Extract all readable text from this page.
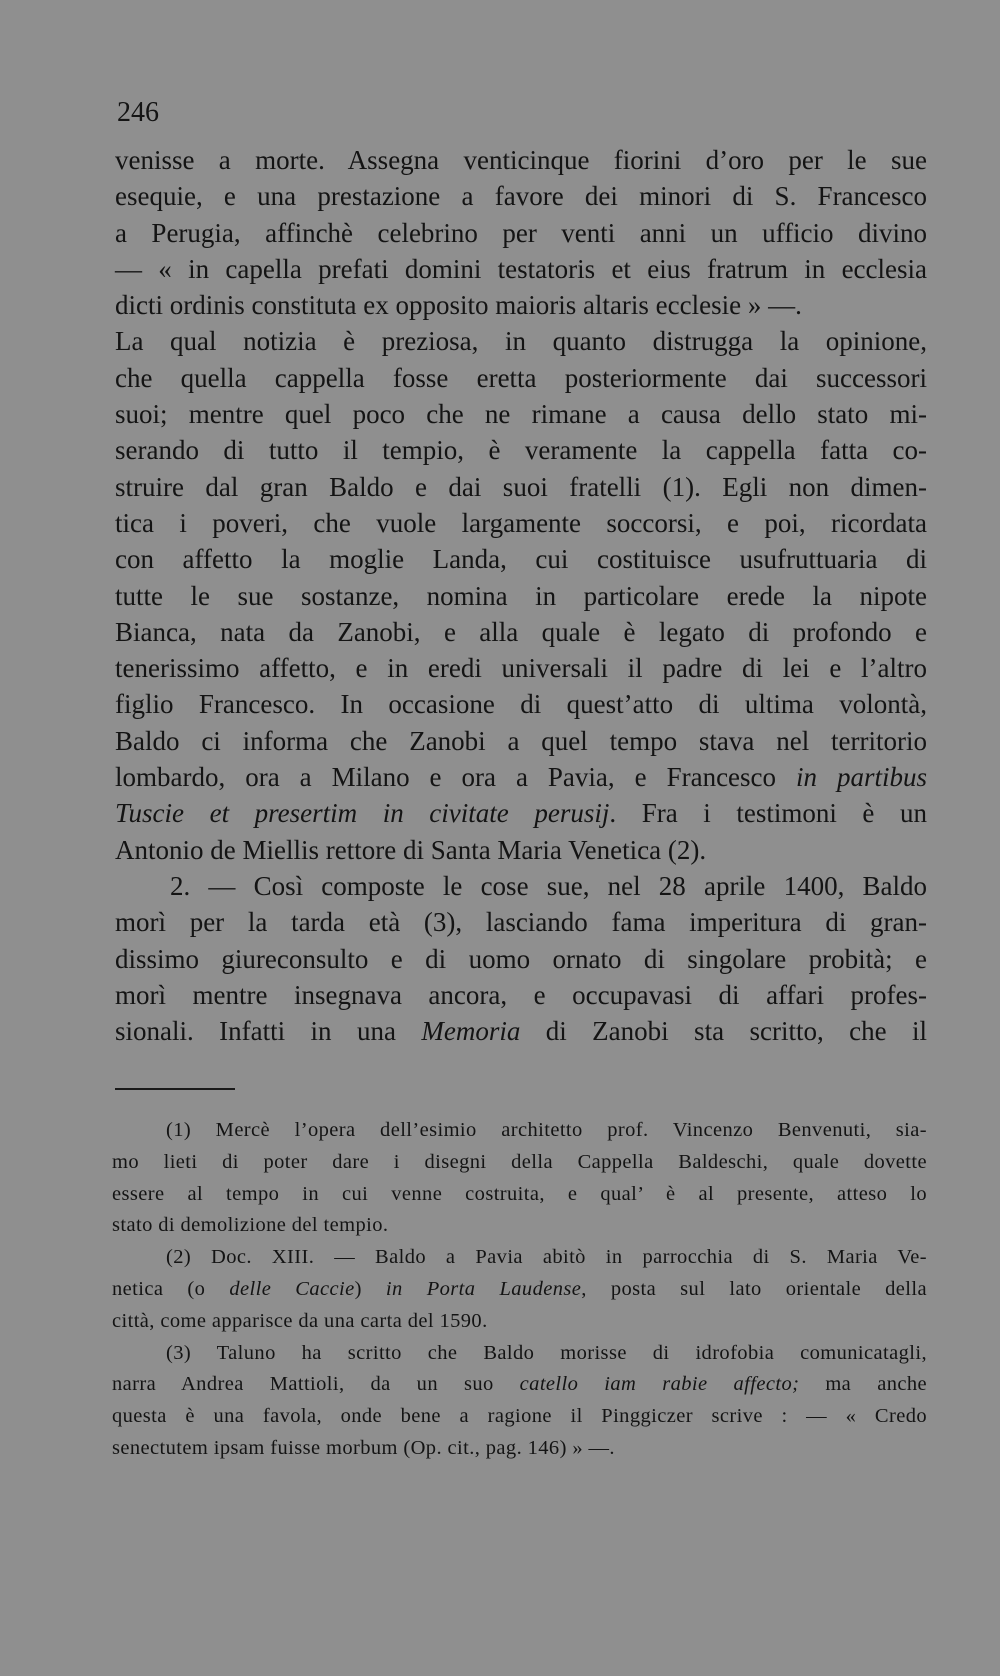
246
venisse a morte. Assegna venticinque fiorini d’oro per le sue
esequie, e una prestazione a favore dei minori di S. Francesco
a Perugia, affinchè celebrino per venti anni un ufficio divino
— « in capella prefati domini testatoris et eius fratrum in ecclesia
dicti ordinis constituta ex opposito maioris altaris ecclesie » —.
La qual notizia è preziosa, in quanto distrugga la opinione,
che quella cappella fosse eretta posteriormente dai successori
suoi; mentre quel poco che ne rimane a causa dello stato mi-
serando di tutto il tempio, è veramente la cappella fatta co-
struire dal gran Baldo e dai suoi fratelli (1). Egli non dimen-
tica i poveri, che vuole largamente soccorsi, e poi, ricordata
con affetto la moglie Landa, cui costituisce usufruttuaria di
tutte le sue sostanze, nomina in particolare erede la nipote
Bianca, nata da Zanobi, e alla quale è legato di profondo e
tenerissimo affetto, e in eredi universali il padre di lei e l’altro
figlio Francesco. In occasione di quest’atto di ultima volontà,
Baldo ci informa che Zanobi a quel tempo stava nel territorio
lombardo, ora a Milano e ora a Pavia, e Francesco in partibus
Tuscie et presertim in civitate perusij. Fra i testimoni è un
Antonio de Miellis rettore di Santa Maria Venetica (2).
2. — Così composte le cose sue, nel 28 aprile 1400, Baldo
morì per la tarda età (3), lasciando fama imperitura di gran-
dissimo giureconsulto e di uomo ornato di singolare probità; e
morì mentre insegnava ancora, e occupavasi di affari profes-
sionali. Infatti in una Memoria di Zanobi sta scritto, che il
(1) Mercè l’opera dell’esimio architetto prof. Vincenzo Benvenuti, sia-
mo lieti di poter dare i disegni della Cappella Baldeschi, quale dovette
essere al tempo in cui venne costruita, e qual’ è al presente, atteso lo
stato di demolizione del tempio.
(2) Doc. XIII. — Baldo a Pavia abitò in parrocchia di S. Maria Ve-
netica (o delle Caccie) in Porta Laudense, posta sul lato orientale della
città, come apparisce da una carta del 1590.
(3) Taluno ha scritto che Baldo morisse di idrofobia comunicatagli,
narra Andrea Mattioli, da un suo catello iam rabie affecto; ma anche
questa è una favola, onde bene a ragione il Pinggiczer scrive : — « Credo
senectutem ipsam fuisse morbum (Op. cit., pag. 146) » —.
